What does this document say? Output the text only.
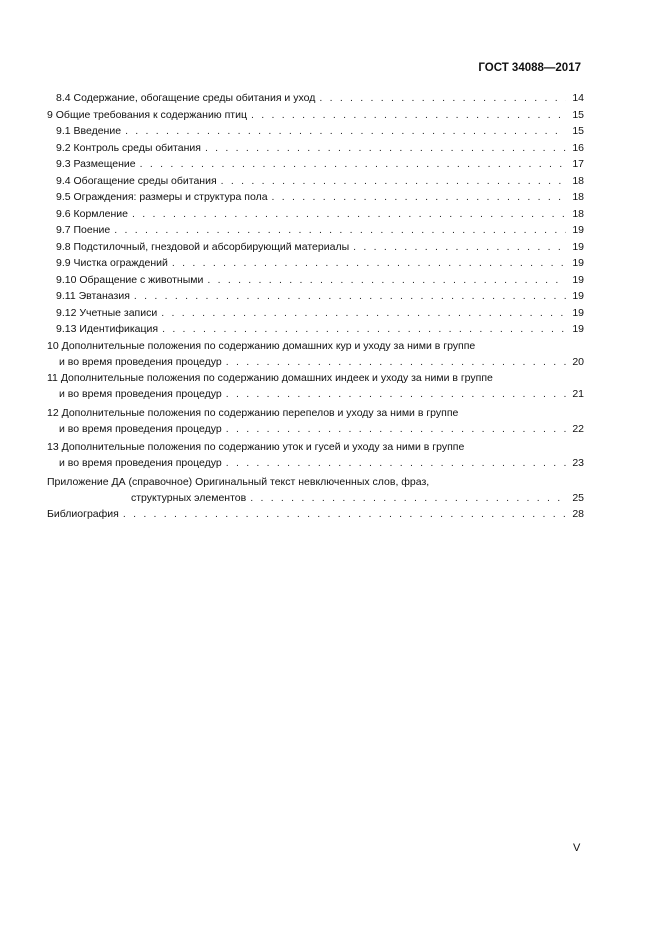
ГОСТ 34088—2017
8.4 Содержание, обогащение среды обитания и уход . . .	14
9 Общие требования к содержанию птиц . . .	15
9.1 Введение . . .	15
9.2 Контроль среды обитания . . .	16
9.3 Размещение . . .	17
9.4 Обогащение среды обитания . . .	18
9.5 Ограждения: размеры и структура пола . . .	18
9.6 Кормление . . .	18
9.7 Поение . . .	19
9.8 Подстилочный, гнездовой и абсорбирующий материалы . . .	19
9.9 Чистка ограждений . . .	19
9.10 Обращение с животными . . .	19
9.11 Эвтаназия . . .	19
9.12 Учетные записи . . .	19
9.13 Идентификация . . .	19
10 Дополнительные положения по содержанию домашних кур и уходу за ними в группе
и во время проведения процедур . . .	20
11 Дополнительные положения по содержанию домашних индеек и уходу за ними в группе
и во время проведения процедур . . .	21
12 Дополнительные положения по содержанию перепелов и уходу за ними в группе
и во время проведения процедур . . .	22
13 Дополнительные положения по содержанию уток и гусей и уходу за ними в группе
и во время проведения процедур . . .	23
Приложение ДА (справочное) Оригинальный текст невключенных слов, фраз,
структурных элементов . . .	25
Библиография . . .	28
V
